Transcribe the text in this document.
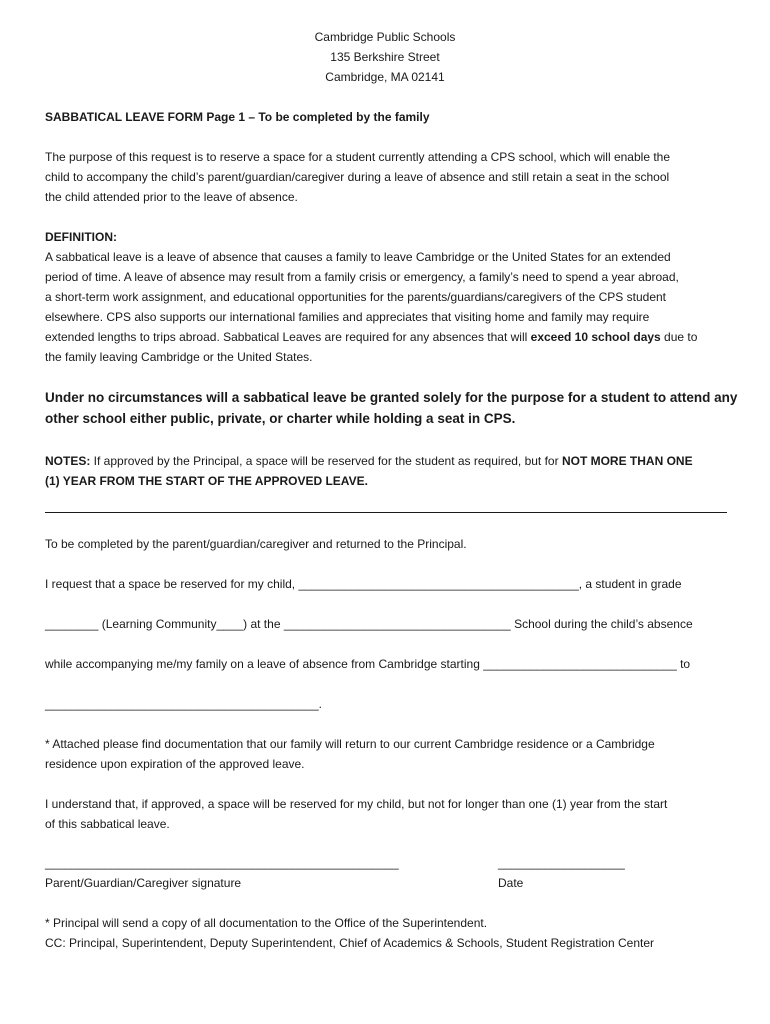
Cambridge Public Schools
135 Berkshire Street
Cambridge, MA 02141
SABBATICAL LEAVE FORM Page 1 – To be completed by the family
The purpose of this request is to reserve a space for a student currently attending a CPS school, which will enable the
child to accompany the child’s parent/guardian/caregiver during a leave of absence and still retain a seat in the school
the child attended prior to the leave of absence.
DEFINITION:
A sabbatical leave is a leave of absence that causes a family to leave Cambridge or the United States for an extended
period of time. A leave of absence may result from a family crisis or emergency, a family’s need to spend a year abroad,
a short-term work assignment, and educational opportunities for the parents/guardians/caregivers of the CPS student
elsewhere. CPS also supports our international families and appreciates that visiting home and family may require
extended lengths to trips abroad. Sabbatical Leaves are required for any absences that will exceed 10 school days due to
the family leaving Cambridge or the United States.
Under no circumstances will a sabbatical leave be granted solely for the purpose for a student to attend any
other school either public, private, or charter while holding a seat in CPS.
NOTES: If approved by the Principal, a space will be reserved for the student as required, but for NOT MORE THAN ONE
(1) YEAR FROM THE START OF THE APPROVED LEAVE.
To be completed by the parent/guardian/caregiver and returned to the Principal.
I request that a space be reserved for my child, __________________________________________, a student in grade
________ (Learning Community____) at the __________________________________ School during the child’s absence
while accompanying me/my family on a leave of absence from Cambridge starting _____________________________ to
_________________________________________.
* Attached please find documentation that our family will return to our current Cambridge residence or a Cambridge
residence upon expiration of the approved leave.
I understand that, if approved, a space will be reserved for my child, but not for longer than one (1) year from the start
of this sabbatical leave.
_____________________________________________________	___________________
Parent/Guardian/Caregiver signature	Date
* Principal will send a copy of all documentation to the Office of the Superintendent.
CC: Principal, Superintendent, Deputy Superintendent, Chief of Academics & Schools, Student Registration Center
